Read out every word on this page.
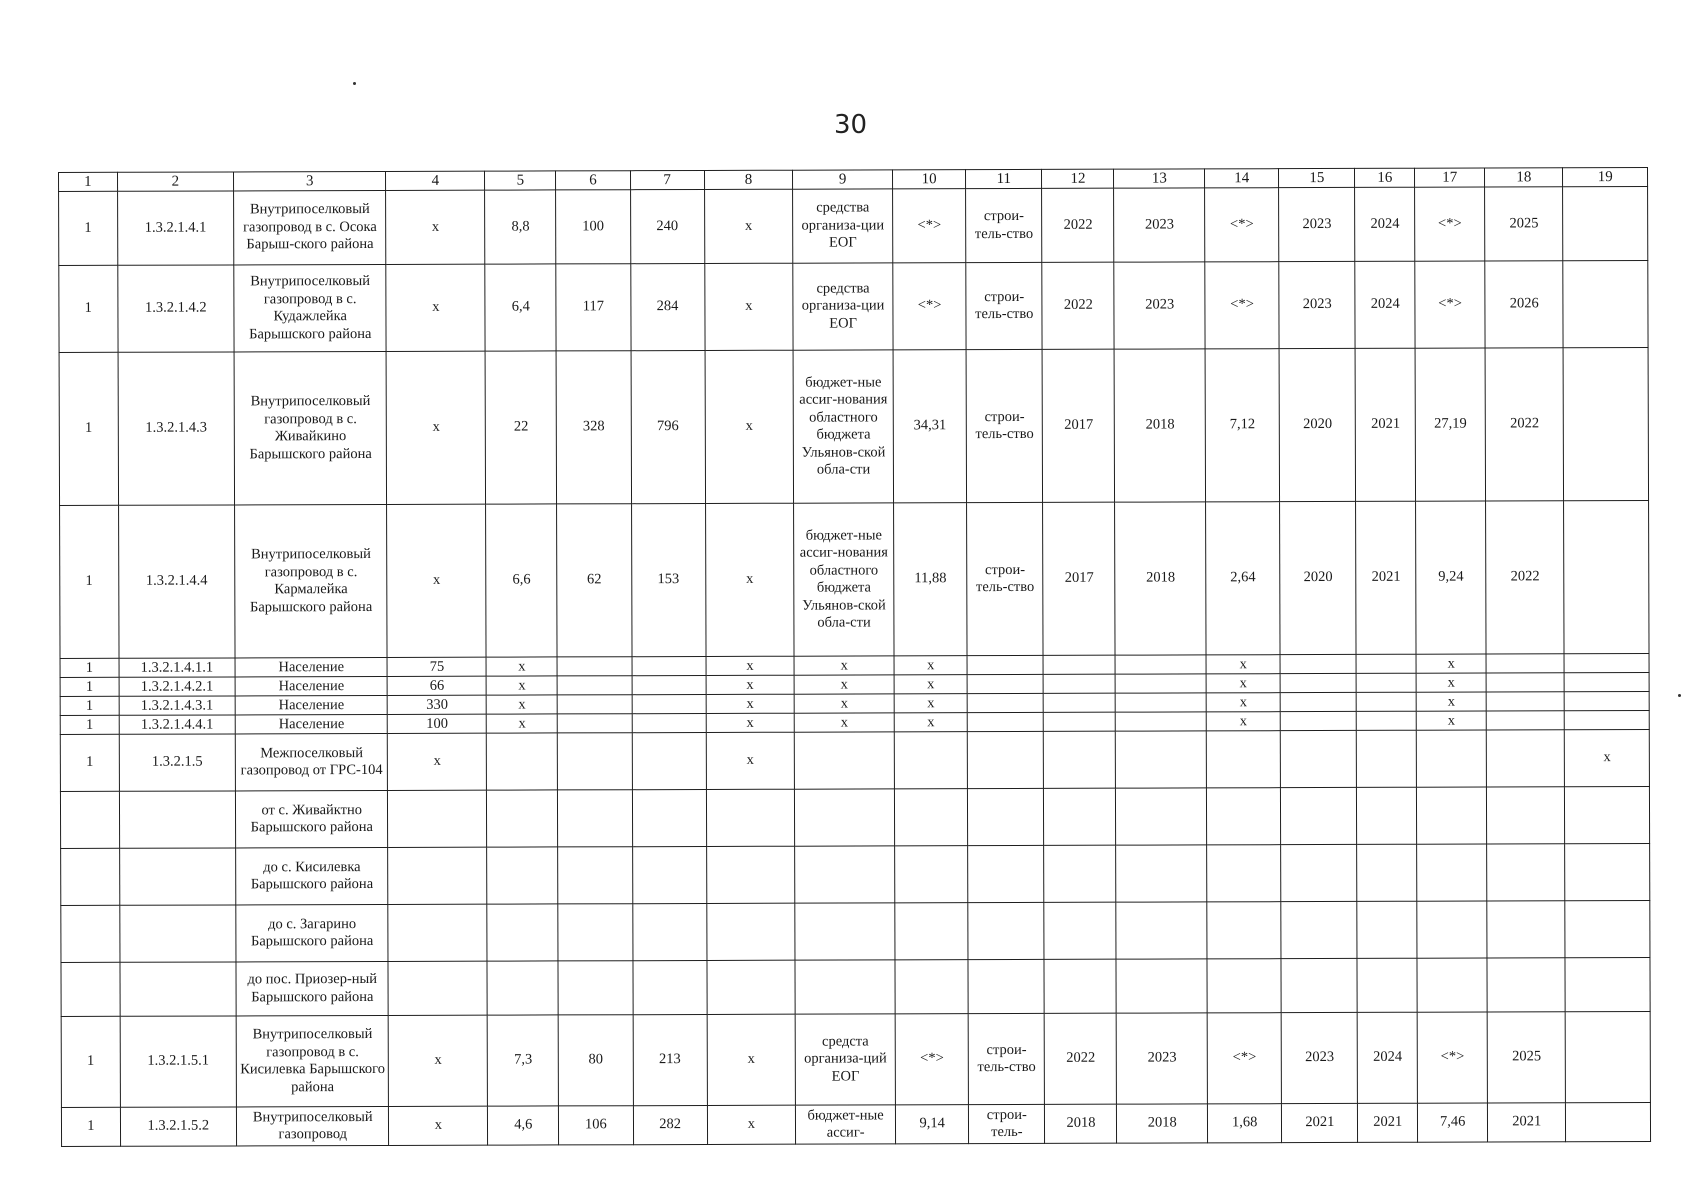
30
1	2	3	4	5	6	7	8	9	10	11	12	13	14	15	16	17	18	19
1	1.3.2.1.4.1	Внутрипоселковый газопровод в с. Осока Барыш-ского района	х	8,8	100	240	х	средства организа-ции ЕОГ	<*>	строи-тель-ство	2022	2023	<*>	2023	2024	<*>	2025	
1	1.3.2.1.4.2	Внутрипоселковый газопровод в с. Кудажлейка Барышского района	х	6,4	117	284	х	средства организа-ции ЕОГ	<*>	строи-тель-ство	2022	2023	<*>	2023	2024	<*>	2026	
1	1.3.2.1.4.3	Внутрипоселковый газопровод в с. Живайкино Барышского района	х	22	328	796	х	бюджет-ные ассиг-нования областного бюджета Ульянов-ской обла-сти	34,31	строи-тель-ство	2017	2018	7,12	2020	2021	27,19	2022	
1	1.3.2.1.4.4	Внутрипоселковый газопровод в с. Кармалейка Барышского района	х	6,6	62	153	х	бюджет-ные ассиг-нования областного бюджета Ульянов-ской обла-сти	11,88	строи-тель-ство	2017	2018	2,64	2020	2021	9,24	2022	
1	1.3.2.1.4.1.1	Население	75	х			х	х	х				х			х		
1	1.3.2.1.4.2.1	Население	66	х			х	х	х				х			х		
1	1.3.2.1.4.3.1	Население	330	х			х	х	х				х			х		
1	1.3.2.1.4.4.1	Население	100	х			х	х	х				х			х		
1	1.3.2.1.5	Межпоселковый газопровод от ГРС-104	х				х											х
		от с. Живайктно Барышского района																
		до с. Кисилевка Барышского района																
		до с. Загарино Барышского района																
		до пос. Приозер-ный Барышского района																
1	1.3.2.1.5.1	Внутрипоселковый газопровод в с. Кисилевка Барышского района	х	7,3	80	213	х	средста организа-ций ЕОГ	<*>	строи-тель-ство	2022	2023	<*>	2023	2024	<*>	2025	
1	1.3.2.1.5.2	Внутрипоселковый газопровод	х	4,6	106	282	х	бюджет-ные ассиг-	9,14	строи-тель-	2018	2018	1,68	2021	2021	7,46	2021	
